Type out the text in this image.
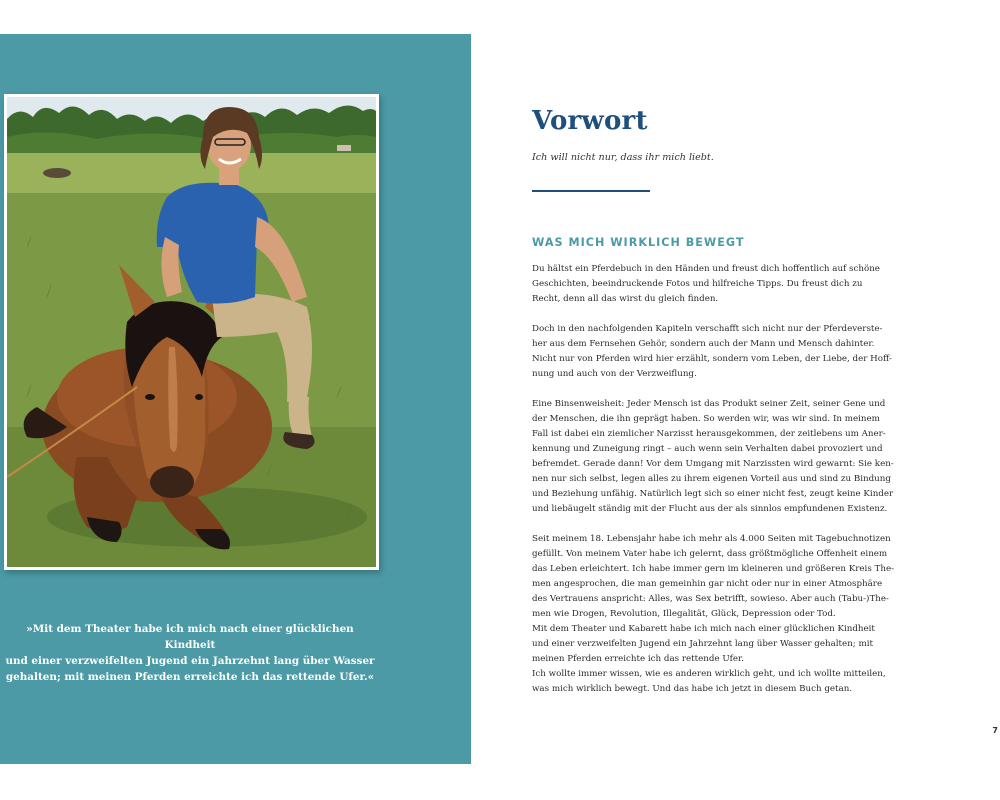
»Mit dem Theater habe ich mich nach einer glücklichen Kindheit
und einer verzweifelten Jugend ein Jahrzehnt lang über Wasser
gehalten; mit meinen Pferden erreichte ich das rettende Ufer.«
Vorwort

Ich will nicht nur, dass ihr mich liebt.

WAS MICH WIRKLICH BEWEGT

Du hältst ein Pferdebuch in den Händen und freust dich hoffentlich auf schöne
Geschichten, beeindruckende Fotos und hilfreiche Tipps. Du freust dich zu
Recht, denn all das wirst du gleich finden.

Doch in den nachfolgenden Kapiteln verschafft sich nicht nur der Pferdeverste-
her aus dem Fernsehen Gehör, sondern auch der Mann und Mensch dahinter.
Nicht nur von Pferden wird hier erzählt, sondern vom Leben, der Liebe, der Hoff-
nung und auch von der Verzweiflung.

Eine Binsenweisheit: Jeder Mensch ist das Produkt seiner Zeit, seiner Gene und
der Menschen, die ihn geprägt haben. So werden wir, was wir sind. In meinem
Fall ist dabei ein ziemlicher Narzisst herausgekommen, der zeitlebens um Aner-
kennung und Zuneigung ringt – auch wenn sein Verhalten dabei provoziert und
befremdet. Gerade dann! Vor dem Umgang mit Narzissten wird gewarnt: Sie ken-
nen nur sich selbst, legen alles zu ihrem eigenen Vorteil aus und sind zu Bindung
und Beziehung unfähig. Natürlich legt sich so einer nicht fest, zeugt keine Kinder
und liebäugelt ständig mit der Flucht aus der als sinnlos empfundenen Existenz.

Seit meinem 18. Lebensjahr habe ich mehr als 4.000 Seiten mit Tagebuchnotizen
gefüllt. Von meinem Vater habe ich gelernt, dass größtmögliche Offenheit einem
das Leben erleichtert. Ich habe immer gern im kleineren und größeren Kreis The-
men angesprochen, die man gemeinhin gar nicht oder nur in einer Atmosphäre
des Vertrauens anspricht: Alles, was Sex betrifft, sowieso. Aber auch (Tabu-)The-
men wie Drogen, Revolution, Illegalität, Glück, Depression oder Tod.
Mit dem Theater und Kabarett habe ich mich nach einer glücklichen Kindheit
und einer verzweifelten Jugend ein Jahrzehnt lang über Wasser gehalten; mit
meinen Pferden erreichte ich das rettende Ufer.
Ich wollte immer wissen, wie es anderen wirklich geht, und ich wollte mitteilen,
was mich wirklich bewegt. Und das habe ich jetzt in diesem Buch getan.

7
